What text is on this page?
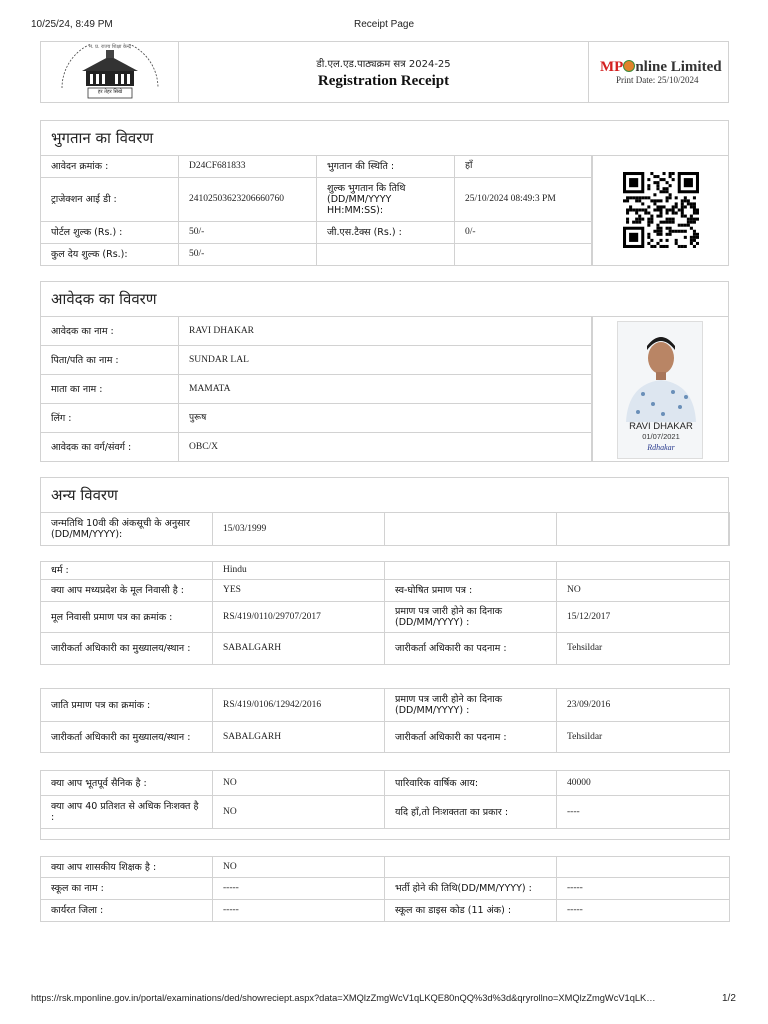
10/25/24, 8:49 PM	Receipt Page
म. प्र. राज्य शिक्षा केन्द्र
हर तेहर सिखे
डी.एल.एड.पाठ्यक्रम सत्र 2024-25
Registration Receipt
MP nline Limited
Print Date: 25/10/2024
भुगतान का विवरण
आवेदन क्रमांक :	D24CF681833	भुगतान की स्थिति :	हाँ
ट्राजेक्शन आई डी :	24102503623206660760	शुल्क भुगतान कि तिथि (DD/MM/YYYY HH:MM:SS):	25/10/2024 08:49:3 PM
पोर्टल शुल्क (Rs.) :	50/-	जी.एस.टैक्स (Rs.) :	0/-
कुल देय शुल्क (Rs.):	50/-		
आवेदक का विवरण
आवेदक का नाम :	RAVI DHAKAR
पिता/पति का नाम :	SUNDAR LAL
माता का नाम :	MAMATA
लिंग :	पुरूष
आवेदक का वर्ग/संवर्ग :	OBC/X
RAVI DHAKAR
01/07/2021
Rdhakar
अन्य विवरण
जन्मतिथि 10वी की अंकसूची के अनुसार (DD/MM/YYYY):	15/03/1999		
धर्म :	Hindu		
क्या आप मध्यप्रदेश के मूल निवासी है :	YES	स्व-घोषित प्रमाण पत्र :	NO
मूल निवासी प्रमाण पत्र का क्रमांक :	RS/419/0110/29707/2017	प्रमाण पत्र जारी होने का दिनाक (DD/MM/YYYY) :	15/12/2017
जारीकर्ता अधिकारी का मुख्यालय/स्थान :	SABALGARH	जारीकर्ता अधिकारी का पदनाम :	Tehsildar
जाति प्रमाण पत्र का क्रमांक :	RS/419/0106/12942/2016	प्रमाण पत्र जारी होने का दिनाक (DD/MM/YYYY) :	23/09/2016
जारीकर्ता अधिकारी का मुख्यालय/स्थान :	SABALGARH	जारीकर्ता अधिकारी का पदनाम :	Tehsildar
क्या आप भूतपूर्व सैनिक है :	NO	पारिवारिक वार्षिक आय:	40000
क्या आप 40 प्रतिशत से अधिक निःशक्त है :	NO	यदि हाँ,तो निःशक्तता का प्रकार :	----

क्या आप शासकीय शिक्षक है :	NO		
स्कूल का नाम :	-----	भर्ती होने की तिथि(DD/MM/YYYY) :	-----
कार्यरत जिला :	-----	स्कूल का डाइस कोड (11 अंक) :	-----
https://rsk.mponline.gov.in/portal/examinations/ded/showreciept.aspx?data=XMQlzZmgWcV1qLKQE80nQQ%3d%3d&qryrollno=XMQlzZmgWcV1qLK…	1/2
